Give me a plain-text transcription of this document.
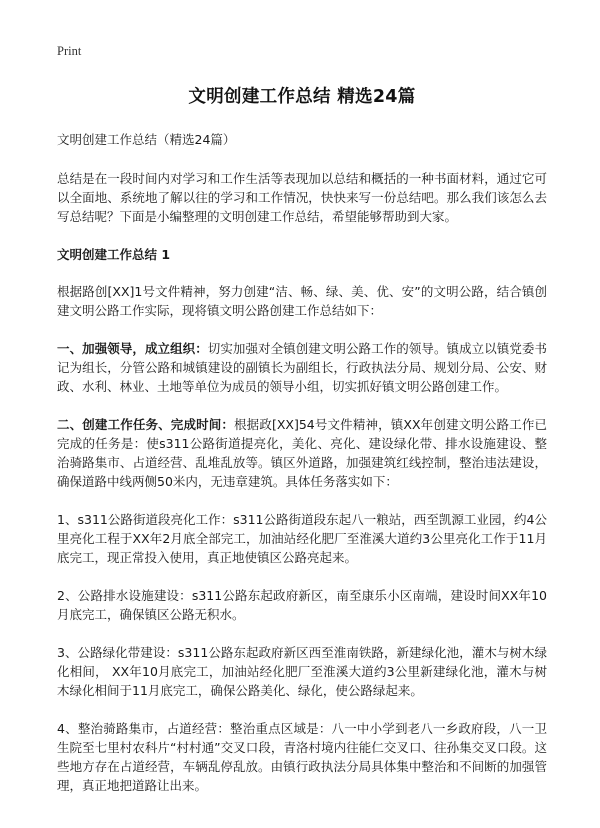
Print
文明创建工作总结 精选24篇
文明创建工作总结（精选24篇）

总结是在一段时间内对学习和工作生活等表现加以总结和概括的一种书面材料，通过它可以全面地、系统地了解以往的学习和工作情况，快快来写一份总结吧。那么我们该怎么去写总结呢？下面是小编整理的文明创建工作总结，希望能够帮助到大家。

文明创建工作总结 1

根据路创[XX]1号文件精神，努力创建“洁、畅、绿、美、优、安”的文明公路，结合镇创建文明公路工作实际，现将镇文明公路创建工作总结如下：

一、加强领导，成立组织：切实加强对全镇创建文明公路工作的领导。镇成立以镇党委书记为组长，分管公路和城镇建设的副镇长为副组长，行政执法分局、规划分局、公安、财政、水利、林业、土地等单位为成员的领导小组，切实抓好镇文明公路创建工作。

二、创建工作任务、完成时间：根据政[XX]54号文件精神，镇XX年创建文明公路工作已完成的任务是：使s311公路街道提亮化，美化、亮化、建设绿化带、排水设施建设、整治骑路集市、占道经营、乱堆乱放等。镇区外道路，加强建筑红线控制，整治违法建设，确保道路中线两侧50米内，无违章建筑。具体任务落实如下：

1、s311公路街道段亮化工作：s311公路街道段东起八一粮站，西至凯源工业园，约4公里亮化工程于XX年2月底全部完工，加油站经化肥厂至淮溪大道约3公里亮化工作于11月底完工，现正常投入使用，真正地使镇区公路亮起来。

2、公路排水设施建设：s311公路东起政府新区，南至康乐小区南端，建设时间XX年10月底完工，确保镇区公路无积水。

3、公路绿化带建设：s311公路东起政府新区西至淮南铁路，新建绿化池，灌木与树木绿化相间， XX年10月底完工，加油站经化肥厂至淮溪大道约3公里新建绿化池，灌木与树木绿化相间于11月底完工，确保公路美化、绿化，使公路绿起来。

4、整治骑路集市，占道经营：整治重点区域是：八一中小学到老八一乡政府段，八一卫生院至七里村农科片“村村通”交叉口段，青洛村境内往能仁交叉口、往孙集交叉口段。这些地方存在占道经营，车辆乱停乱放。由镇行政执法分局具体集中整治和不间断的加强管理，真正地把道路让出来。
